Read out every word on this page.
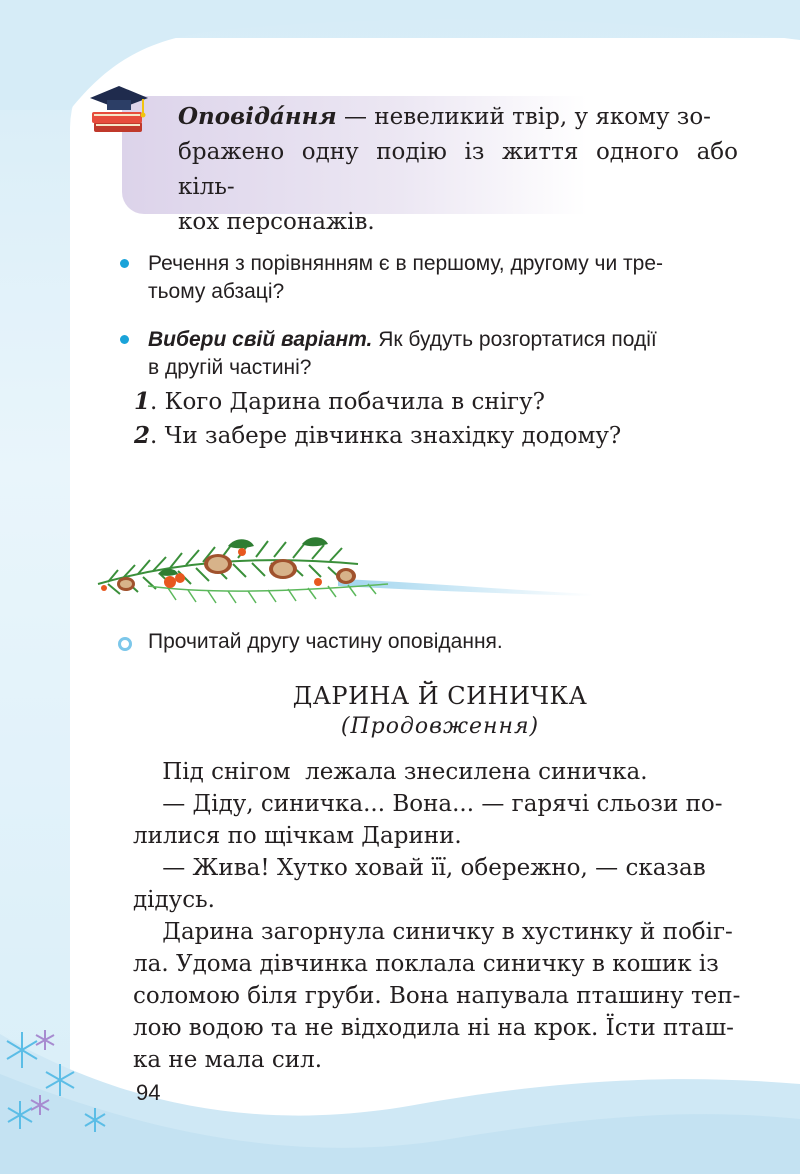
Оповіда́ння — невеликий твір, у якому зо-
бражено одну подію із життя одного або кіль-
кох персонажів.
Речення з порівнянням є в першому, другому чи тре-
тьому абзаці?
Вибери свій варіант. Як будуть розгортатися події
в другій частині?
1. Кого Дарина побачила в снігу?
2. Чи забере дівчинка знахідку додому?
Прочитай другу частину оповідання.
ДАРИНА Й СИНИЧКА
(Продовження)

Під снігом  лежала знесилена синичка.

— Діду, синичка... Вона... — гарячі сльози по-

лилися по щічкам Дарини.

— Жива! Хутко ховай її, обережно, — сказав

дідусь.

Дарина загорнула синичку в хустинку й побіг-

ла. Удома дівчинка поклала синичку в кошик із

соломою біля груби. Вона напувала пташину теп-

лою водою та не відходила ні на крок. Їсти пташ-

ка не мала сил.

94
